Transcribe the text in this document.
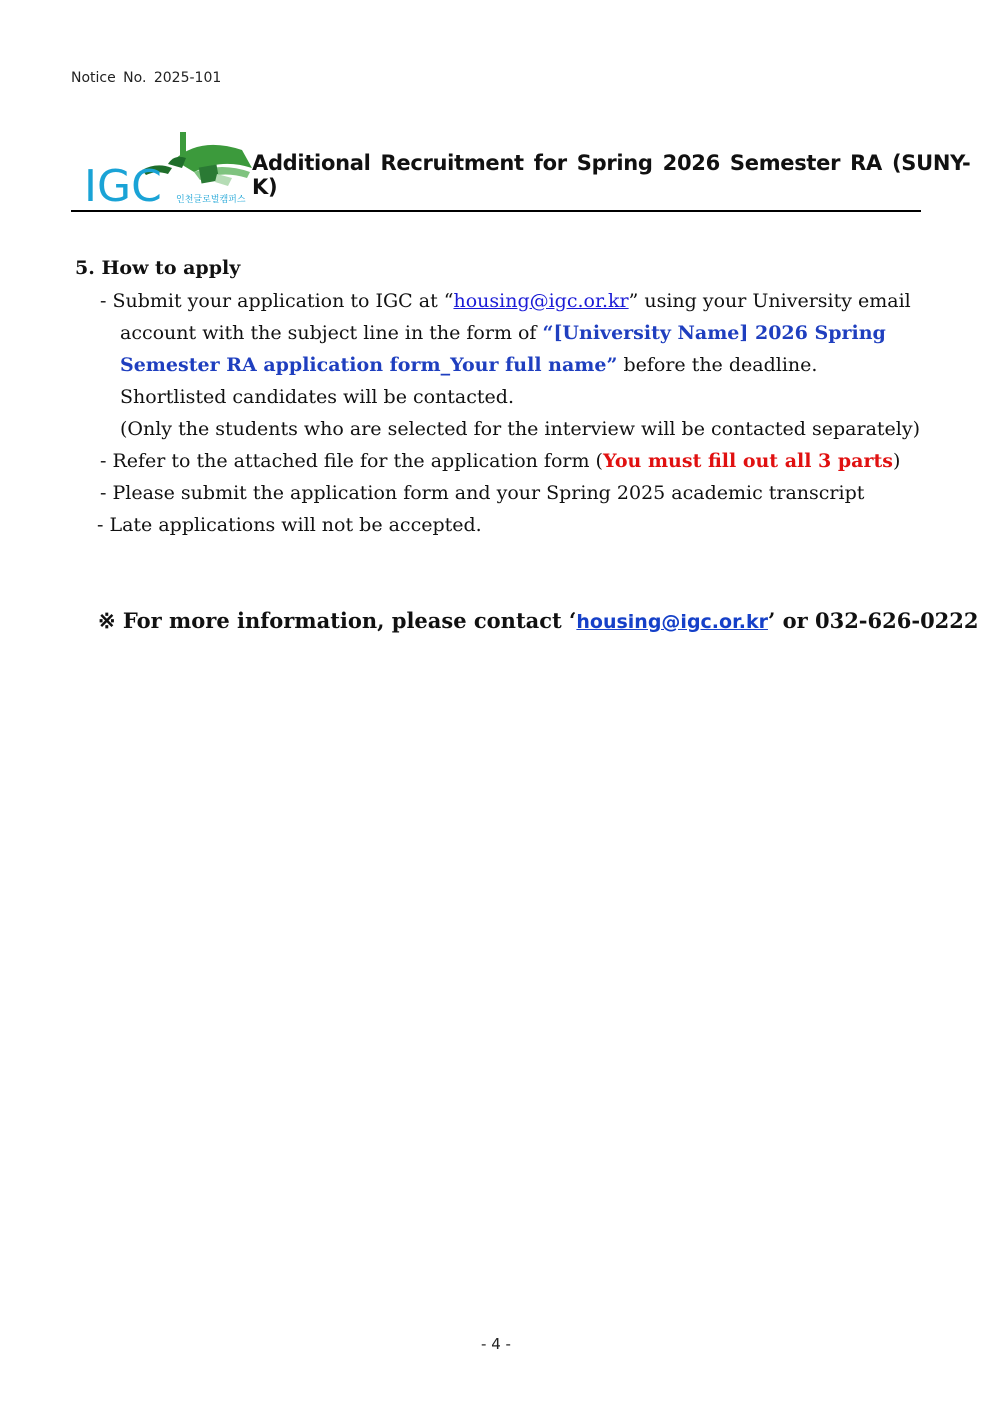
Notice No. 2025-101
IGC 인천글로벌캠퍼스
Additional Recruitment for Spring 2026 Semester RA (SUNY-K)
5. How to apply
- Submit your application to IGC at “housing@igc.or.kr” using your University email
account with the subject line in the form of “[University Name] 2026 Spring
Semester RA application form_Your full name” before the deadline.
Shortlisted candidates will be contacted.
(Only the students who are selected for the interview will be contacted separately)
- Refer to the attached file for the application form (You must fill out all 3 parts)
- Please submit the application form and your Spring 2025 academic transcript
- Late applications will not be accepted.
※ For more information, please contact ‘housing@igc.or.kr’ or 032-626-0222
- 4 -
